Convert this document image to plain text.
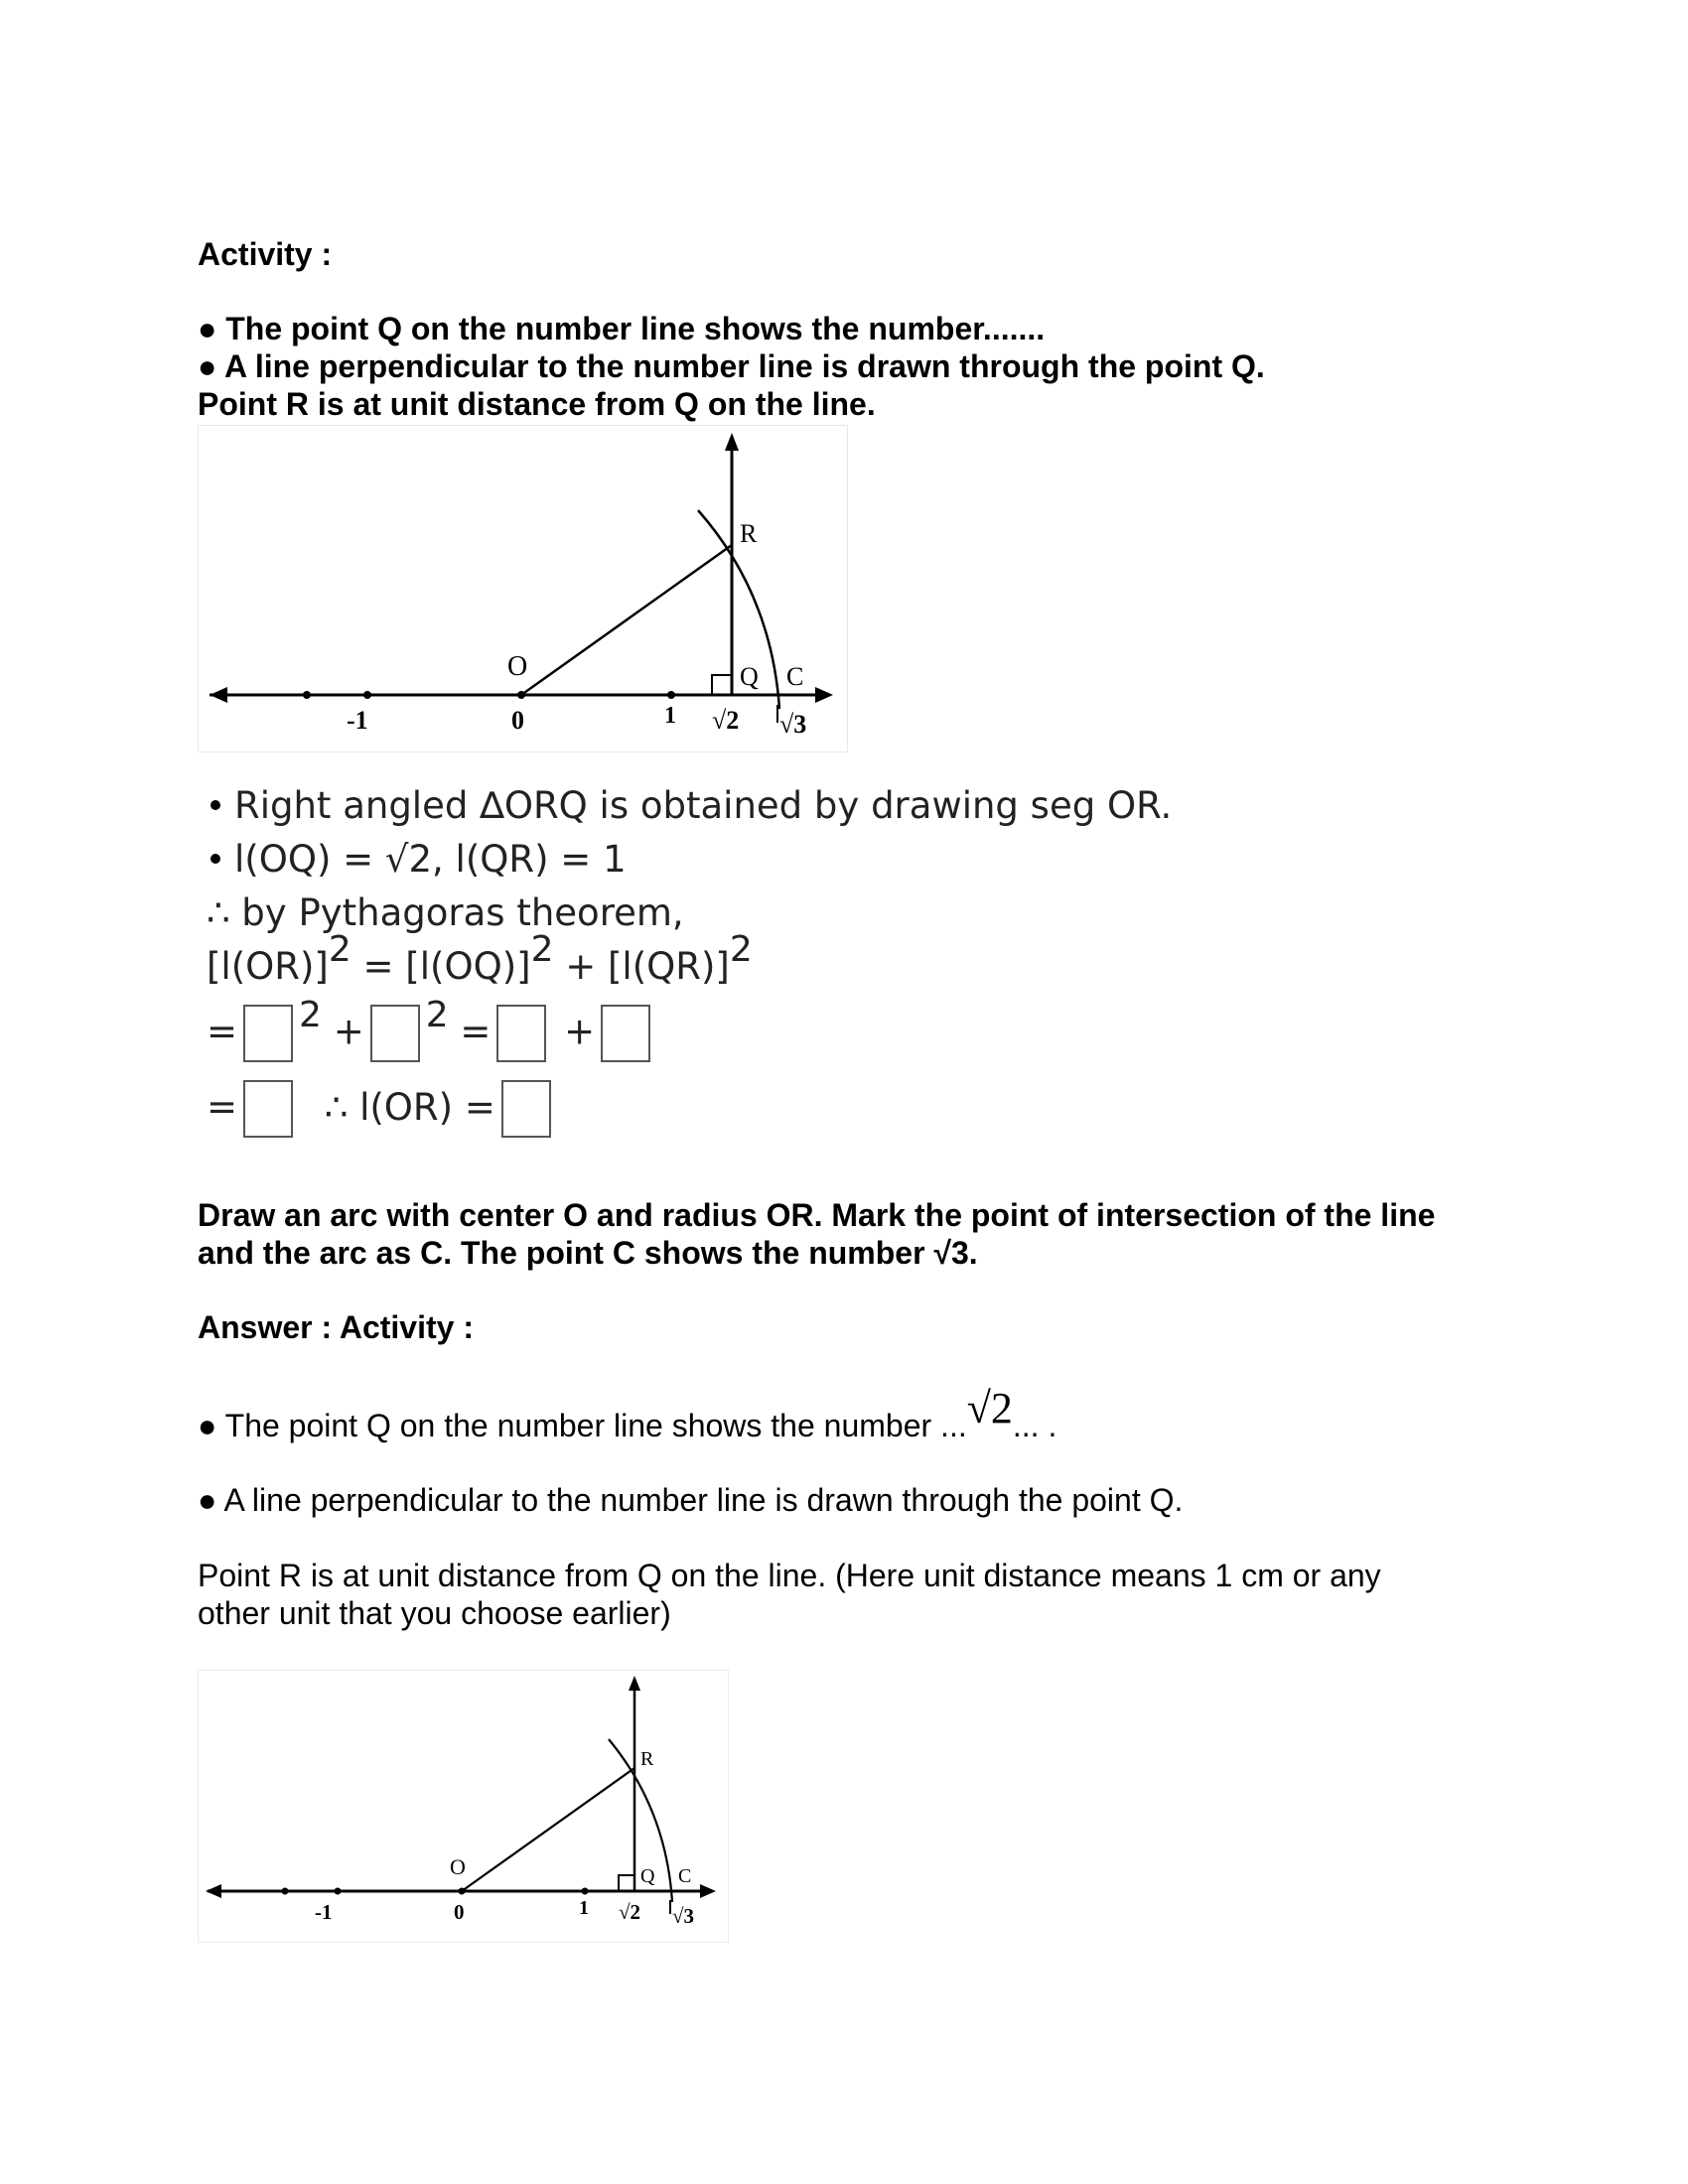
Activity :
● The point Q on the number line shows the number.......
● A line perpendicular to the number line is drawn through the point Q.
Point R is at unit distance from Q on the line.
O
R
Q C
-1	0	1 √2 √3
Right angled ∆ORQ is obtained by drawing seg OR.
l(OQ) = √2, l(QR) = 1
∴ by Pythagoras theorem,
$[l(OR)]^2 = [l(OQ)]^2 + [l(QR)]^2$
= $^2$ + $^2$ = +
= ∴ l(OR) =
Draw an arc with center O and radius OR. Mark the point of intersection of the line
and the arc as C. The point C shows the number √3.
Answer : Activity :
● The point Q on the number line shows the number ...√2... .
● A line perpendicular to the number line is drawn through the point Q.
Point R is at unit distance from Q on the line. (Here unit distance means 1 cm or any
other unit that you choose earlier)
O
R
Q C
-1	0	1 √2 √3
